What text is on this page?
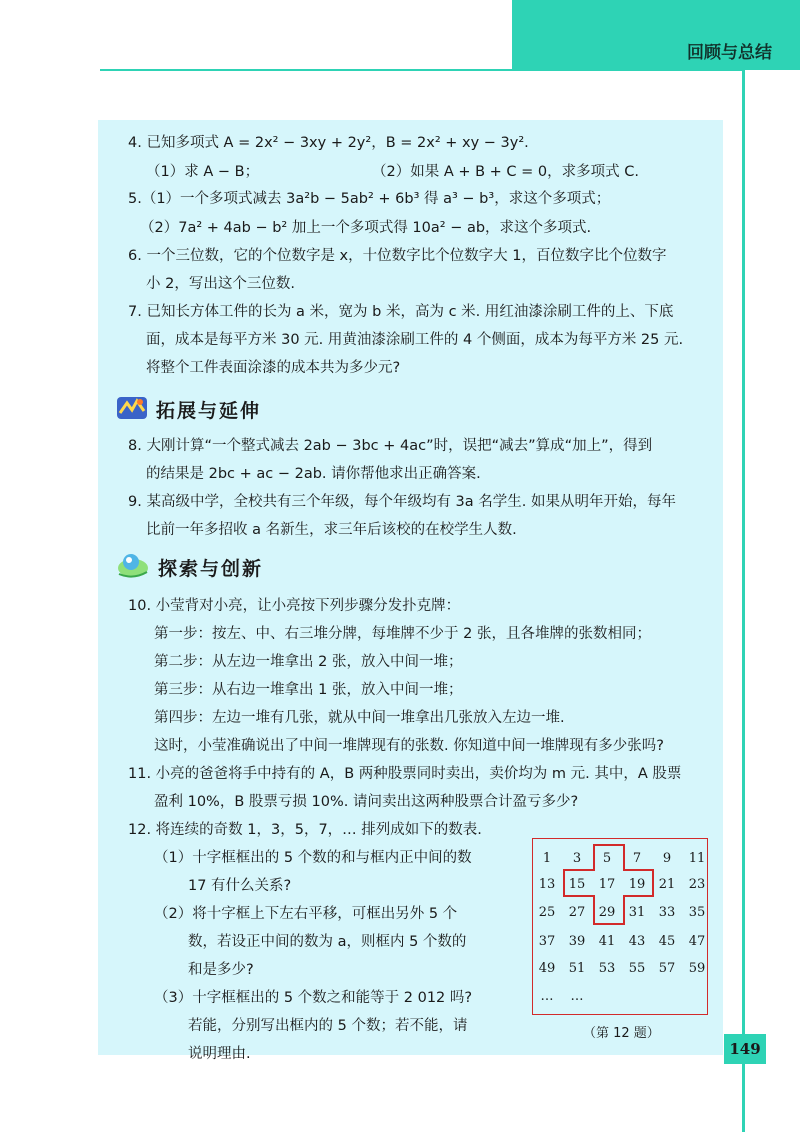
回顾与总结
4. 已知多项式 A = 2x² − 3xy + 2y²，B = 2x² + xy − 3y².
（1）求 A − B；	（2）如果 A + B + C = 0，求多项式 C.
5.（1）一个多项式减去 3a²b − 5ab² + 6b³ 得 a³ − b³，求这个多项式；
（2）7a² + 4ab − b² 加上一个多项式得 10a² − ab，求这个多项式.
6. 一个三位数，它的个位数字是 x，十位数字比个位数字大 1，百位数字比个位数字
小 2，写出这个三位数.
7. 已知长方体工件的长为 a 米，宽为 b 米，高为 c 米. 用红油漆涂刷工件的上、下底
面，成本是每平方米 30 元. 用黄油漆涂刷工件的 4 个侧面，成本为每平方米 25 元.
将整个工件表面涂漆的成本共为多少元?
拓展与延伸
8. 大刚计算“一个整式减去 2ab − 3bc + 4ac”时，误把“减去”算成“加上”，得到
的结果是 2bc + ac − 2ab. 请你帮他求出正确答案.
9. 某高级中学，全校共有三个年级，每个年级均有 3a 名学生. 如果从明年开始，每年
比前一年多招收 a 名新生，求三年后该校的在校学生人数.
探索与创新
10. 小莹背对小亮，让小亮按下列步骤分发扑克牌：
第一步：按左、中、右三堆分牌，每堆牌不少于 2 张，且各堆牌的张数相同；
第二步：从左边一堆拿出 2 张，放入中间一堆；
第三步：从右边一堆拿出 1 张，放入中间一堆；
第四步：左边一堆有几张，就从中间一堆拿出几张放入左边一堆.
这时，小莹准确说出了中间一堆牌现有的张数. 你知道中间一堆牌现有多少张吗?
11. 小亮的爸爸将手中持有的 A，B 两种股票同时卖出，卖价均为 m 元. 其中，A 股票
盈利 10%，B 股票亏损 10%. 请问卖出这两种股票合计盈亏多少?
12. 将连续的奇数 1，3，5，7，… 排列成如下的数表.
（1）十字框框出的 5 个数的和与框内正中间的数
17 有什么关系?
（2）将十字框上下左右平移，可框出另外 5 个
数，若设正中间的数为 a，则框内 5 个数的
和是多少?
（3）十字框框出的 5 个数之和能等于 2 012 吗?
若能，分别写出框内的 5 个数；若不能，请
说明理由.
1	3	5	7	9	11
13	15	17	19	21	23
25	27	29	31	33	35
37	39	41	43	45	47
49	51	53	55	57	59
…	…
（第 12 题）
149
